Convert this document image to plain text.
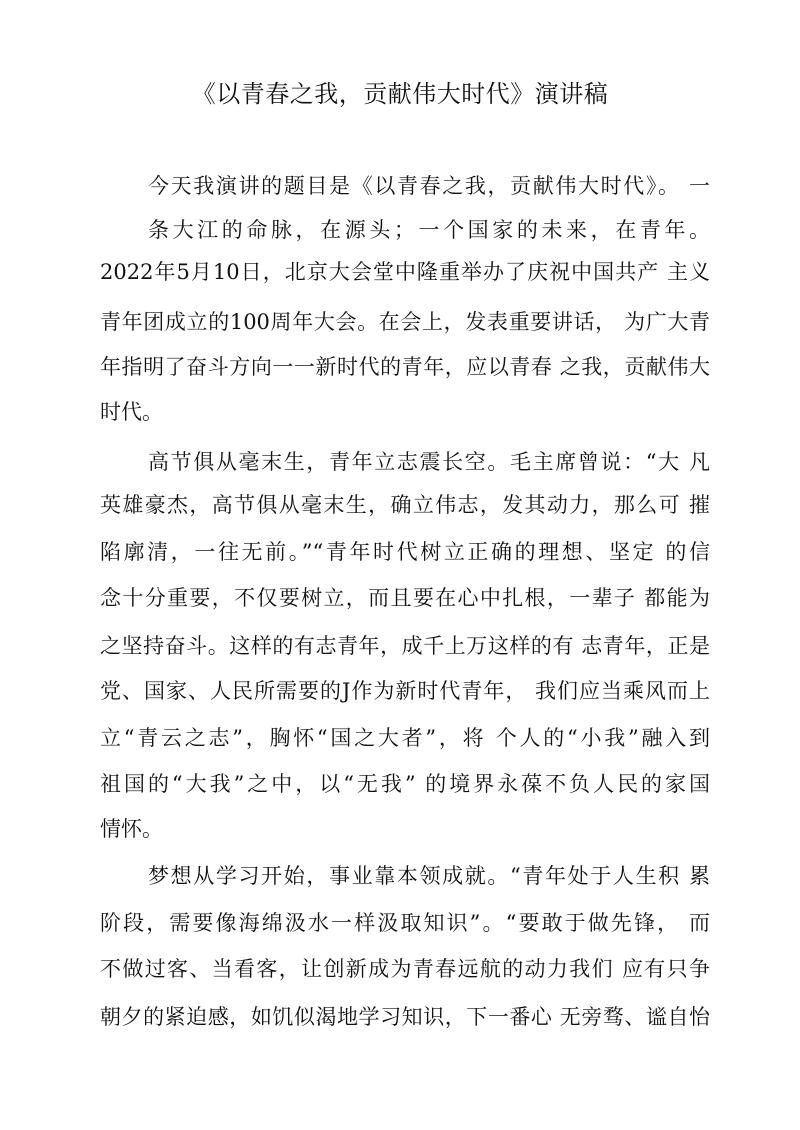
《以青春之我，贡献伟大时代》演讲稿
今天我演讲的题目是《以青春之我，贡献伟大时代》。 一
条大江的命脉，在源头；一个国家的未来，在青年。
2022年5月10日，北京大会堂中隆重举办了庆祝中国共产 主义
青年团成立的100周年大会。在会上，发表重要讲话， 为广大青
年指明了奋斗方向一一新时代的青年，应以青春 之我，贡献伟大
时代。
高节俱从毫末生，青年立志震长空。毛主席曾说：“大 凡
英雄豪杰，高节俱从毫末生，确立伟志，发其动力，那么可 摧
陷廓清，一往无前。”“青年时代树立正确的理想、坚定 的信
念十分重要，不仅要树立，而且要在心中扎根，一辈子 都能为
之坚持奋斗。这样的有志青年，成千上万这样的有 志青年，正是
党、国家、人民所需要的J作为新时代青年， 我们应当乘风而上
立“青云之志”，胸怀“国之大者”，将 个人的“小我”融入到
祖国的“大我”之中，以“无我” 的境界永葆不负人民的家国
情怀。
梦想从学习开始，事业靠本领成就。“青年处于人生积 累
阶段，需要像海绵汲水一样汲取知识”。“要敢于做先锋， 而
不做过客、当看客，让创新成为青春远航的动力我们 应有只争
朝夕的紧迫感，如饥似渴地学习知识，下一番心 无旁骛、谧自怡
